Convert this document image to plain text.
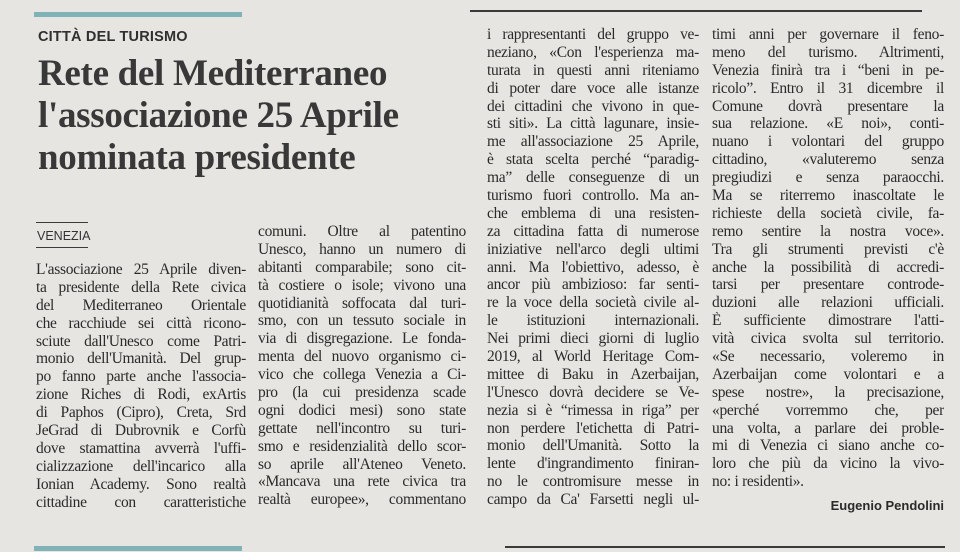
CITTÀ DEL TURISMO
Rete del Mediterraneo
l'associazione 25 Aprile
nominata presidente
VENEZIA
L'associazione 25 Aprile diven-
ta presidente della Rete civica
del Mediterraneo Orientale
che racchiude sei città ricono-
sciute dall'Unesco come Patri-
monio dell'Umanità. Del grup-
po fanno parte anche l'associa-
zione Riches di Rodi, exArtis
di Paphos (Cipro), Creta, Srd
JeGrad di Dubrovnik e Corfù
dove stamattina avverrà l'uffi-
cializzazione dell'incarico alla
Ionian Academy. Sono realtà
cittadine con caratteristiche
comuni. Oltre al patentino
Unesco, hanno un numero di
abitanti comparabile; sono cit-
tà costiere o isole; vivono una
quotidianità soffocata dal turi-
smo, con un tessuto sociale in
via di disgregazione. Le fonda-
menta del nuovo organismo ci-
vico che collega Venezia a Ci-
pro (la cui presidenza scade
ogni dodici mesi) sono state
gettate nell'incontro su turi-
smo e residenzialità dello scor-
so aprile all'Ateneo Veneto.
«Mancava una rete civica tra
realtà europee», commentano
i rappresentanti del gruppo ve-
neziano, «Con l'esperienza ma-
turata in questi anni riteniamo
di poter dare voce alle istanze
dei cittadini che vivono in que-
sti siti». La città lagunare, insie-
me all'associazione 25 Aprile,
è stata scelta perché “paradig-
ma” delle conseguenze di un
turismo fuori controllo. Ma an-
che emblema di una resisten-
za cittadina fatta di numerose
iniziative nell'arco degli ultimi
anni. Ma l'obiettivo, adesso, è
ancor più ambizioso: far senti-
re la voce della società civile al-
le istituzioni internazionali.
Nei primi dieci giorni di luglio
2019, al World Heritage Com-
mittee di Baku in Azerbaijan,
l'Unesco dovrà decidere se Ve-
nezia si è “rimessa in riga” per
non perdere l'etichetta di Patri-
monio dell'Umanità. Sotto la
lente d'ingrandimento finiran-
no le contromisure messe in
campo da Ca' Farsetti negli ul-
timi anni per governare il feno-
meno del turismo. Altrimenti,
Venezia finirà tra i “beni in pe-
ricolo”. Entro il 31 dicembre il
Comune dovrà presentare la
sua relazione. «E noi», conti-
nuano i volontari del gruppo
cittadino, «valuteremo senza
pregiudizi e senza paraocchi.
Ma se riterremo inascoltate le
richieste della società civile, fa-
remo sentire la nostra voce».
Tra gli strumenti previsti c'è
anche la possibilità di accredi-
tarsi per presentare controde-
duzioni alle relazioni ufficiali.
È sufficiente dimostrare l'atti-
vità civica svolta sul territorio.
«Se necessario, voleremo in
Azerbaijan come volontari e a
spese nostre», la precisazione,
«perché vorremmo che, per
una volta, a parlare dei proble-
mi di Venezia ci siano anche co-
loro che più da vicino la vivo-
no: i residenti».
Eugenio Pendolini
